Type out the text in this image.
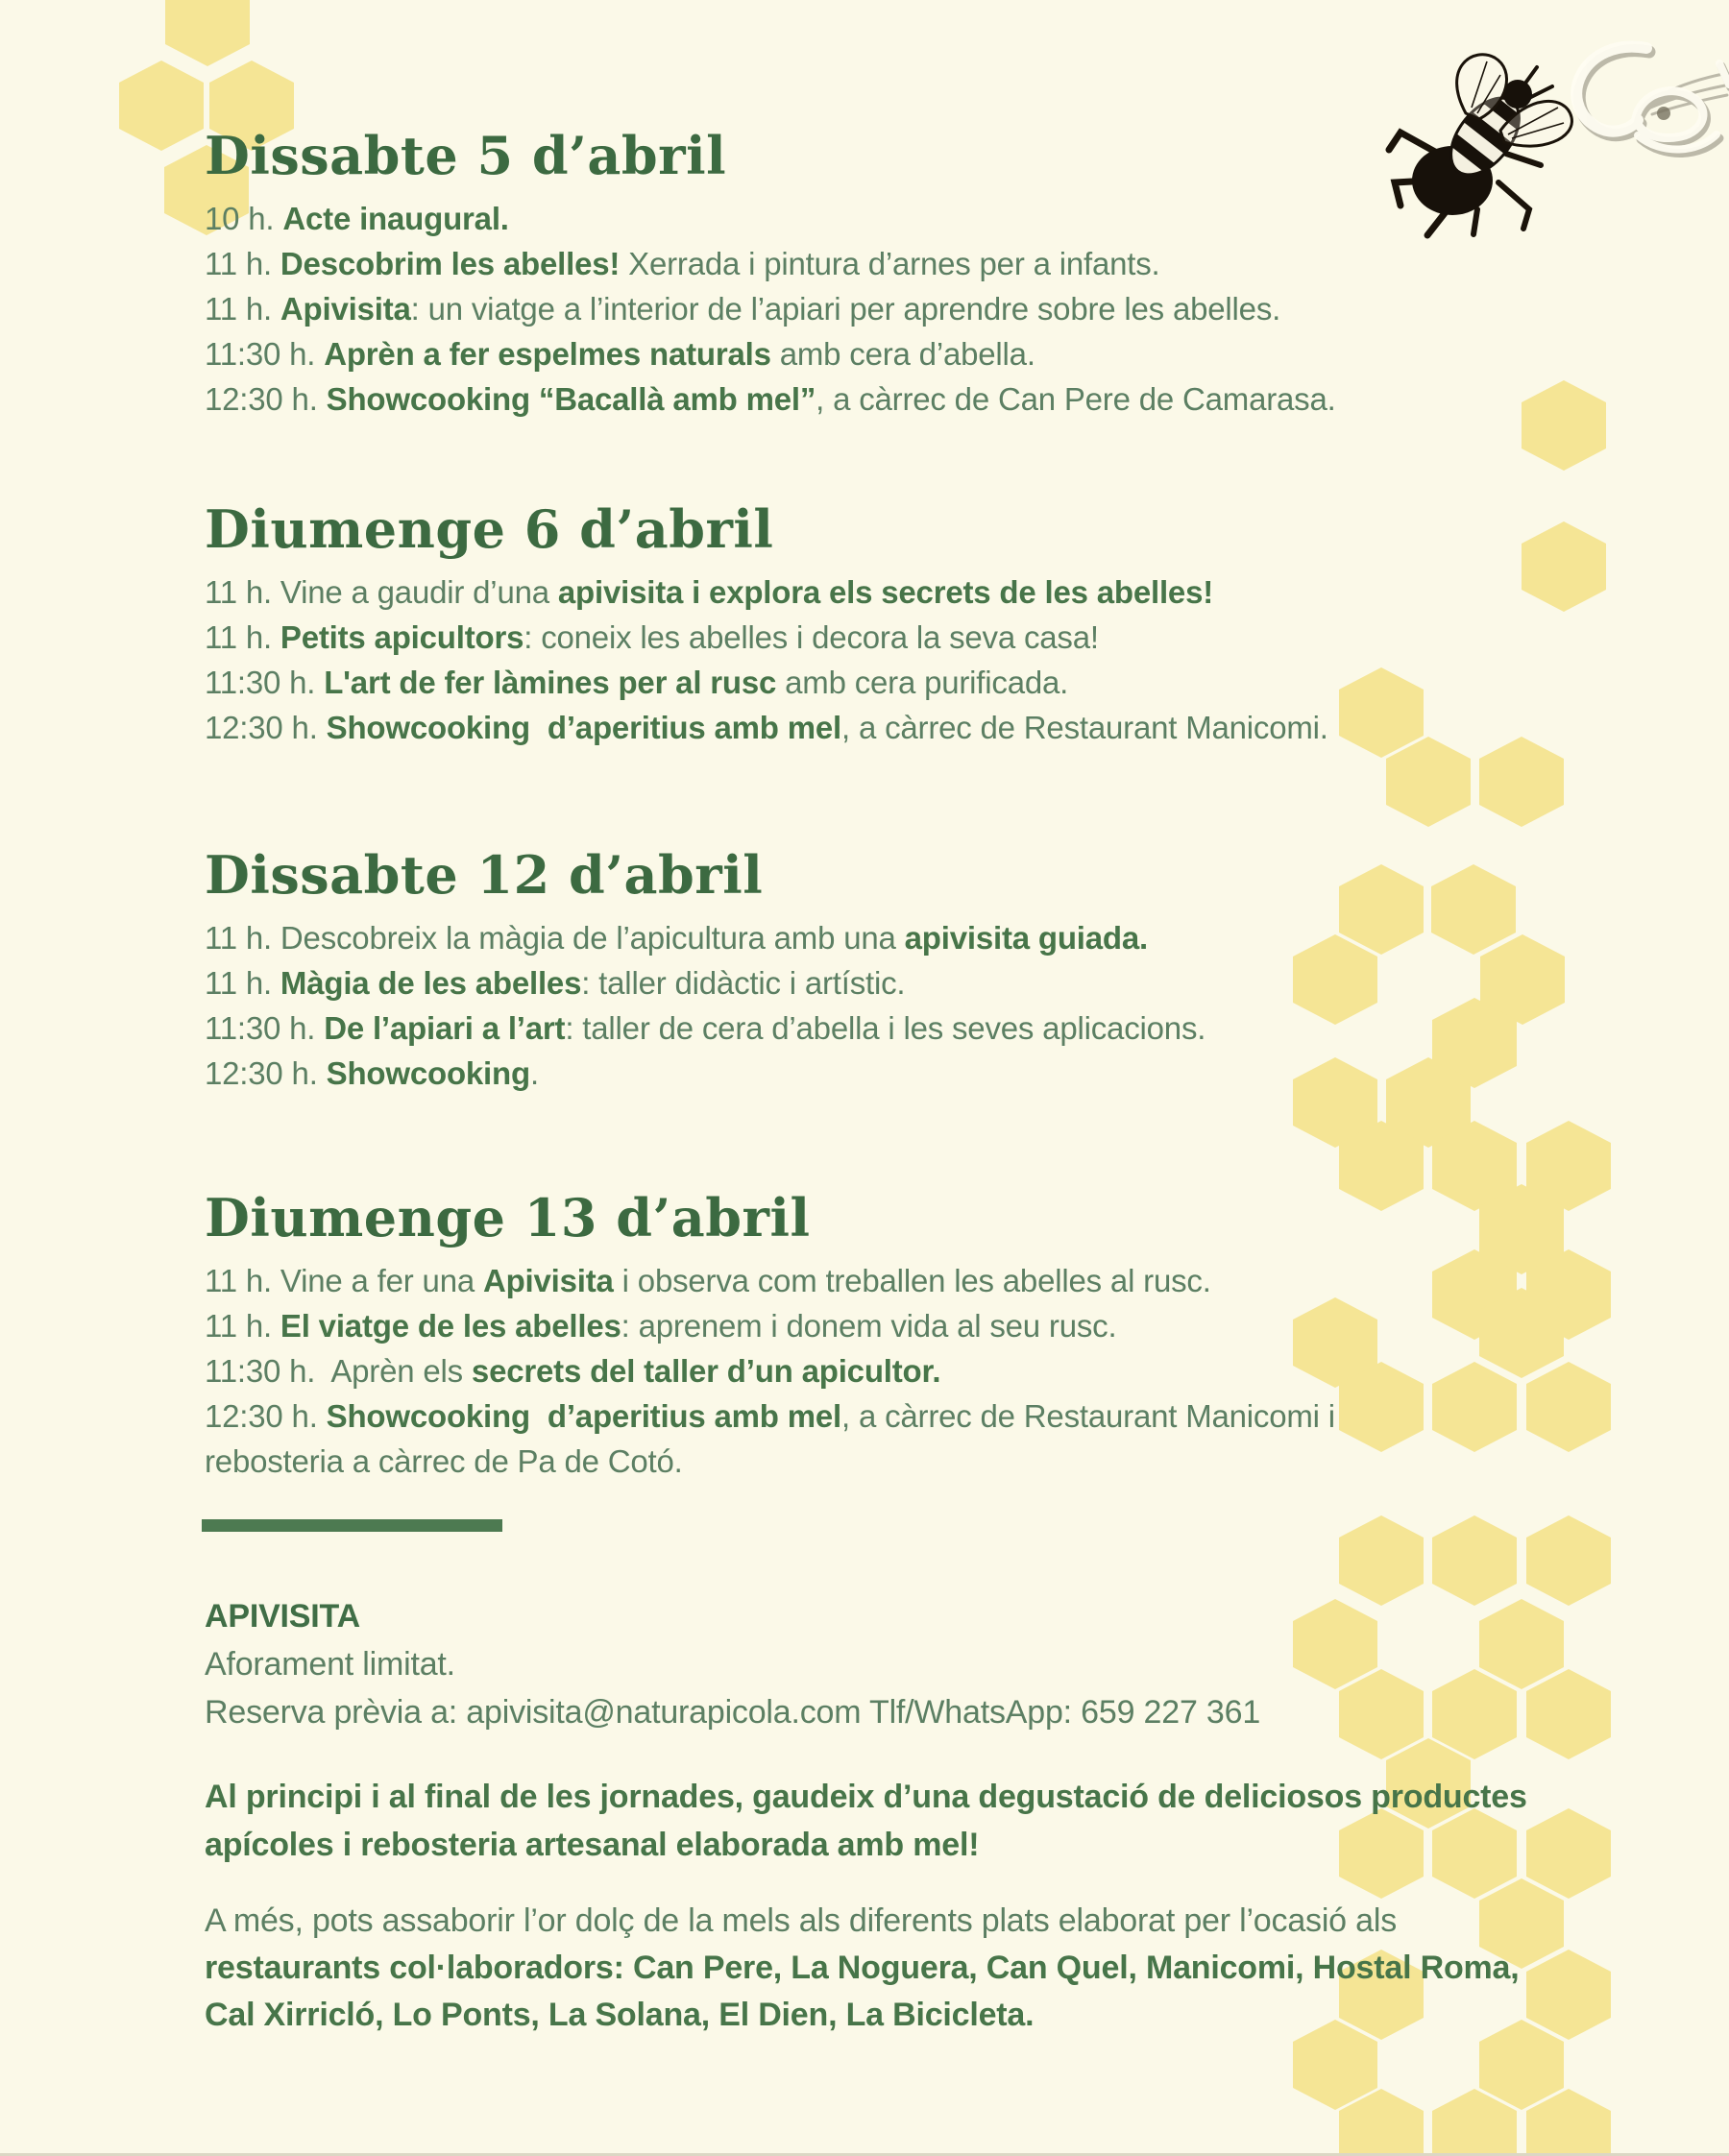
Dissabte 5 d’abril

10 h. Acte inaugural.

11 h. Descobrim les abelles! Xerrada i pintura d’arnes per a infants.

11 h. Apivisita: un viatge a l’interior de l’apiari per aprendre sobre les abelles.

11:30 h. Aprèn a fer espelmes naturals amb cera d’abella.

12:30 h. Showcooking “Bacallà amb mel”, a càrrec de Can Pere de Camarasa.

Diumenge 6 d’abril

11 h. Vine a gaudir d’una apivisita i explora els secrets de les abelles!

11 h. Petits apicultors: coneix les abelles i decora la seva casa!

11:30 h. L'art de fer làmines per al rusc amb cera purificada.

12:30 h. Showcooking  d’aperitius amb mel, a càrrec de Restaurant Manicomi.

Dissabte 12 d’abril

11 h. Descobreix la màgia de l’apicultura amb una apivisita guiada.

11 h. Màgia de les abelles: taller didàctic i artístic.

11:30 h. De l’apiari a l’art: taller de cera d’abella i les seves aplicacions.

12:30 h. Showcooking.

Diumenge 13 d’abril

11 h. Vine a fer una Apivisita i observa com treballen les abelles al rusc.

11 h. El viatge de les abelles: aprenem i donem vida al seu rusc.

11:30 h.  Aprèn els secrets del taller d’un apicultor.

12:30 h. Showcooking  d’aperitius amb mel, a càrrec de Restaurant Manicomi i

rebosteria a càrrec de Pa de Cotó.

APIVISITA
Aforament limitat.
Reserva prèvia a: apivisita@naturapicola.com Tlf/WhatsApp: 659 227 361

Al principi i al final de les jornades, gaudeix d’una degustació de deliciosos productes

apícoles i rebosteria artesanal elaborada amb mel!

A més, pots assaborir l’or dolç de la mels als diferents plats elaborat per l’ocasió als

restaurants col·laboradors: Can Pere, La Noguera, Can Quel, Manicomi, Hostal Roma,

Cal Xirricló, Lo Ponts, La Solana, El Dien, La Bicicleta.
